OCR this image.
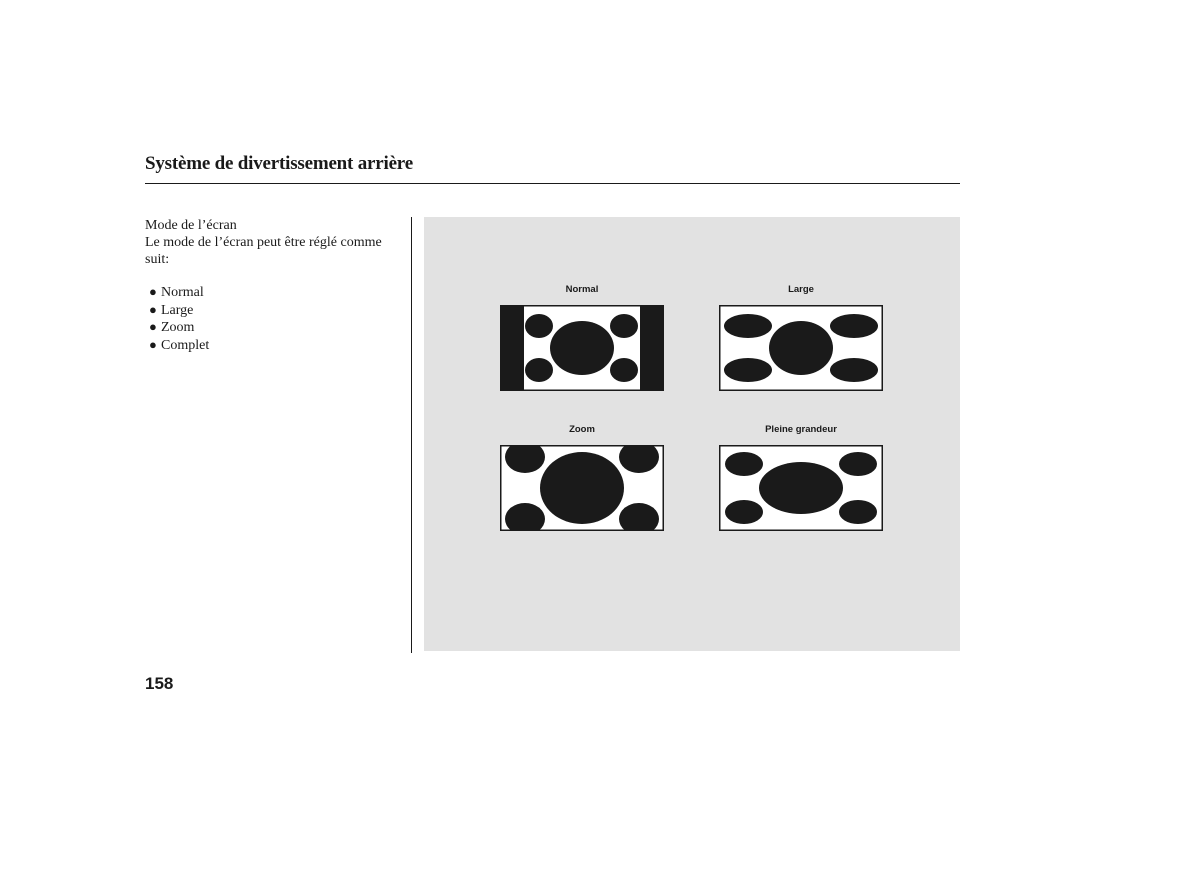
Système de divertissement arrière

Mode de l’écran

Le mode de l’écran peut être réglé comme suit:

● Normal
● Large
● Zoom
● Complet
Normal	Large
Zoom	Pleine grandeur
158
